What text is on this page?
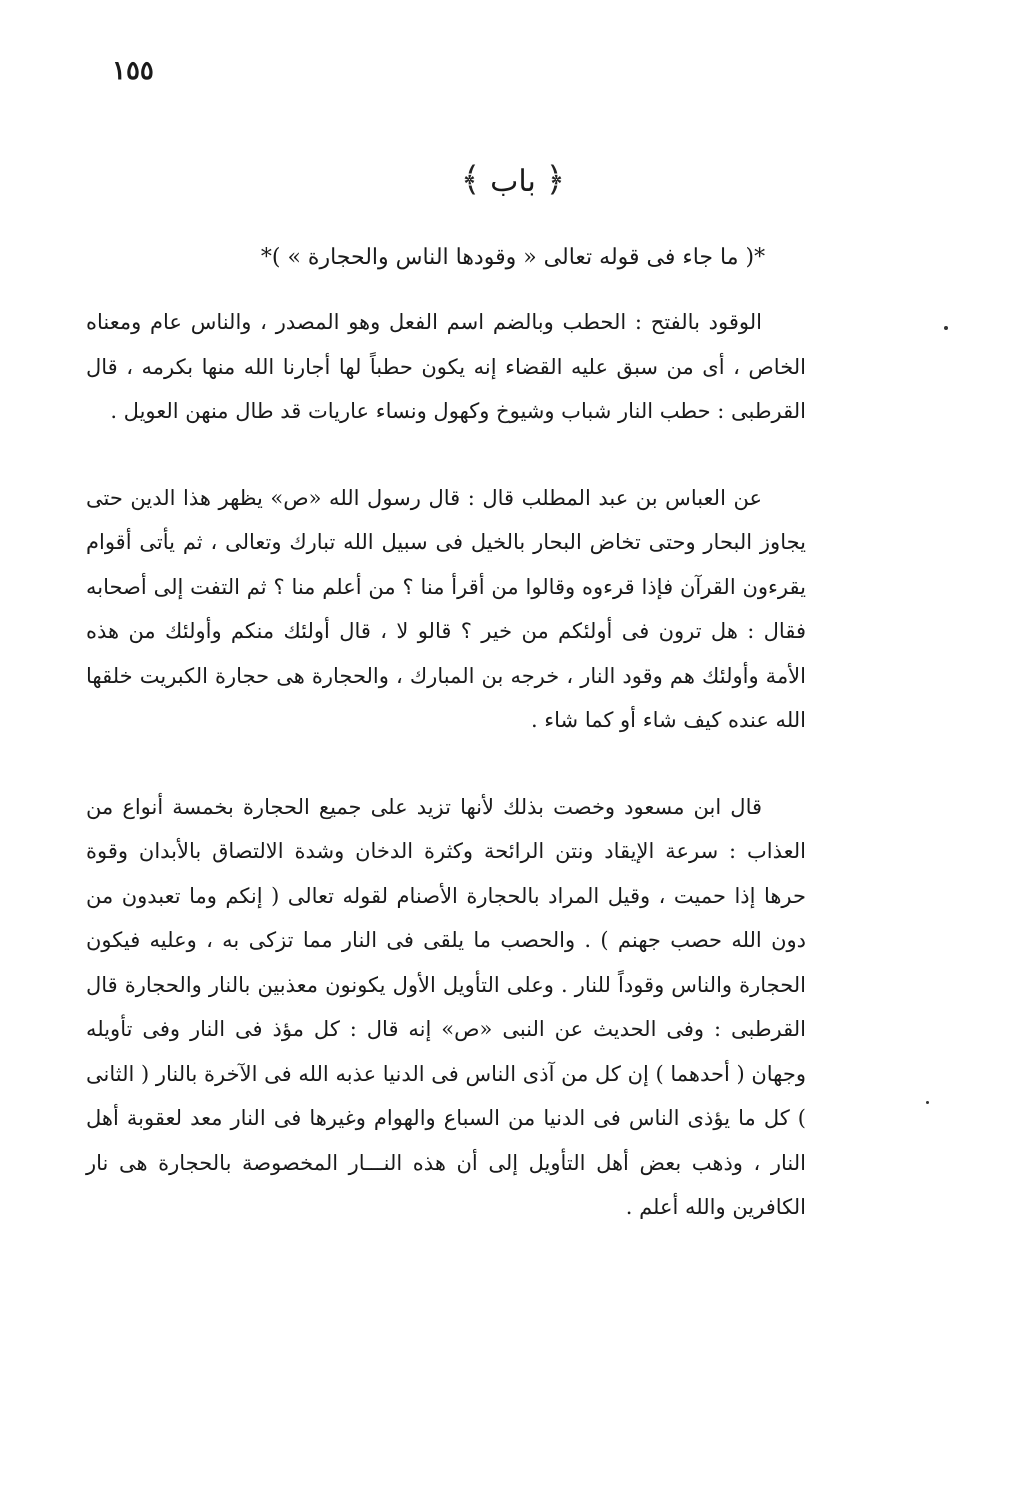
١٥٥
﴿ باب ﴾
*( ما جاء فى قوله تعالى « وقودها الناس والحجارة » )*

الوقود بالفتح : الحطب وبالضم اسم الفعل وهو المصدر ، والناس عام ومعناه الخاص ، أى من سبق عليه القضاء إنه يكون حطباً لها أجارنا الله منها بكرمه ، قال القرطبى : حطب النار شباب وشيوخ وكهول ونساء عاريات قد طال منهن العويل .

عن العباس بن عبد المطلب قال : قال رسول الله «ص» يظهر هذا الدين حتى يجاوز البحار وحتى تخاض البحار بالخيل فى سبيل الله تبارك وتعالى ، ثم يأتى أقوام يقرءون القرآن فإذا قرءوه وقالوا من أقرأ منا ؟ من أعلم منا ؟ ثم التفت إلى أصحابه فقال : هل ترون فى أولئكم من خير ؟ قالو لا ، قال أولئك منكم وأولئك من هذه الأمة وأولئك هم وقود النار ، خرجه بن المبارك ، والحجارة هى حجارة الكبريت خلقها الله عنده كيف شاء أو كما شاء .

قال ابن مسعود وخصت بذلك لأنها تزيد على جميع الحجارة بخمسة أنواع من العذاب : سرعة الإيقاد ونتن الرائحة وكثرة الدخان وشدة الالتصاق بالأبدان وقوة حرها إذا حميت ، وقيل المراد بالحجارة الأصنام لقوله تعالى ( إنكم وما تعبدون من دون الله حصب جهنم ) . والحصب ما يلقى فى النار مما تزكى به ، وعليه فيكون الحجارة والناس وقوداً للنار . وعلى التأويل الأول يكونون معذبين بالنار والحجارة قال القرطبى : وفى الحديث عن النبى «ص» إنه قال : كل مؤذ فى النار وفى تأويله وجهان ( أحدهما ) إن كل من آذى الناس فى الدنيا عذبه الله فى الآخرة بالنار ( الثانى ) كل ما يؤذى الناس فى الدنيا من السباع والهوام وغيرها فى النار معد لعقوبة أهل النار ، وذهب بعض أهل التأويل إلى أن هذه النـــار المخصوصة بالحجارة هى نار الكافرين والله أعلم .
